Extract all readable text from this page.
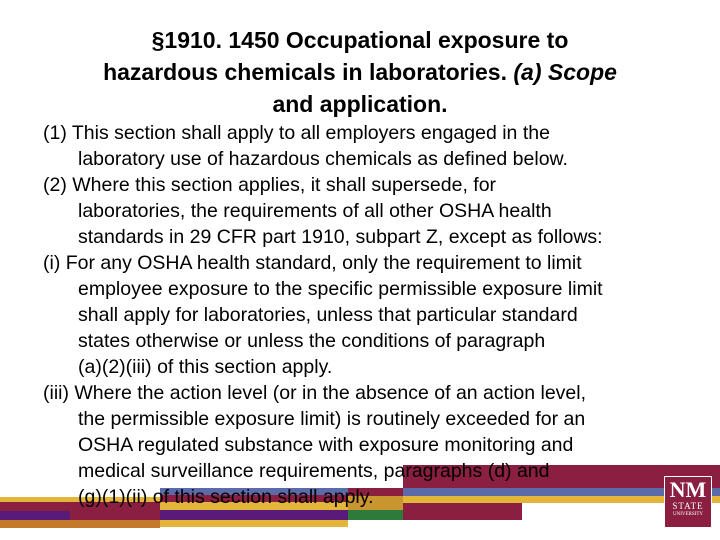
§1910. 1450 Occupational exposure to
hazardous chemicals in laboratories. (a) Scope
and application.
(1) This section shall apply to all employers engaged in the
laboratory use of hazardous chemicals as defined below.
(2) Where this section applies, it shall supersede, for
laboratories, the requirements of all other OSHA health
standards in 29 CFR part 1910, subpart Z, except as follows:
(i) For any OSHA health standard, only the requirement to limit
employee exposure to the specific permissible exposure limit
shall apply for laboratories, unless that particular standard
states otherwise or unless the conditions of paragraph
(a)(2)(iii) of this section apply.
(iii) Where the action level (or in the absence of an action level,
the permissible exposure limit) is routinely exceeded for an
OSHA regulated substance with exposure monitoring and
medical surveillance requirements, paragraphs (d) and
(g)(1)(ii) of this section shall apply.	NM
STATE
UNIVERSITY
